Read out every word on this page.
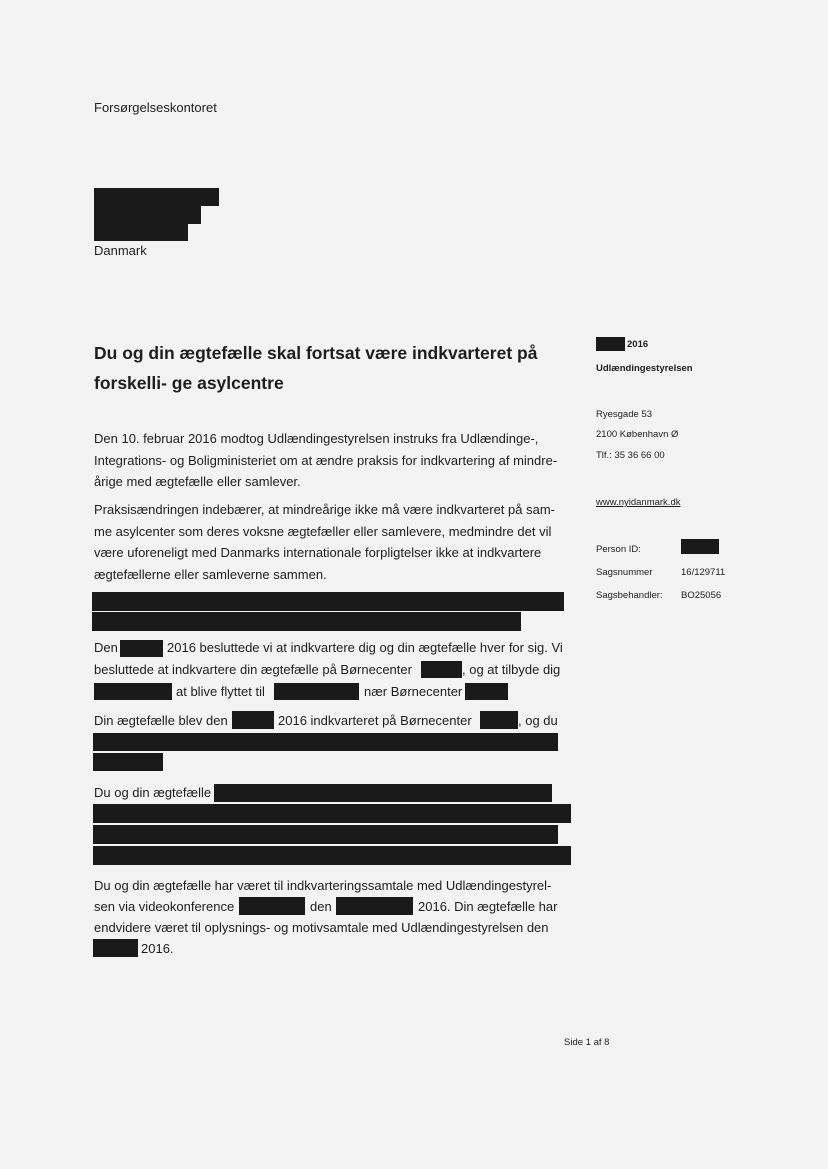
Forsørgelseskontoret
Danmark
Du og din ægtefælle skal fortsat være indkvarteret på forskelli- ge asylcentre
2016
Udlændingestyrelsen
Ryesgade 53
2100 København Ø
Tlf.: 35 36 66 00
www.nyidanmark.dk
Person ID:
Sagsnummer	16/129711
Sagsbehandler: BO25056
Den 10. februar 2016 modtog Udlændingestyrelsen instruks fra Udlændinge-, Integrations- og Boligministeriet om at ændre praksis for indkvartering af mindre- årige med ægtefælle eller samlever.
Praksisændringen indebærer, at mindreårige ikke må være indkvarteret på sam- me asylcenter som deres voksne ægtefæller eller samlevere, medmindre det vil være uforeneligt med Danmarks internationale forpligtelser ikke at indkvartere ægtefællerne eller samleverne sammen.
Den	2016 besluttede vi at indkvartere dig og din ægtefælle hver for sig. Vi
besluttede at indkvartere din ægtefælle på Børnecenter	, og at tilbyde dig
at blive flyttet til	nær Børnecenter
Din ægtefælle blev den	2016 indkvarteret på Børnecenter	, og du
Du og din ægtefælle
Du og din ægtefælle har været til indkvarteringssamtale med Udlændingestyrel-
sen via videokonference	den	2016. Din ægtefælle har
endvidere været til oplysnings- og motivsamtale med Udlændingestyrelsen den
2016.
Side 1 af 8
